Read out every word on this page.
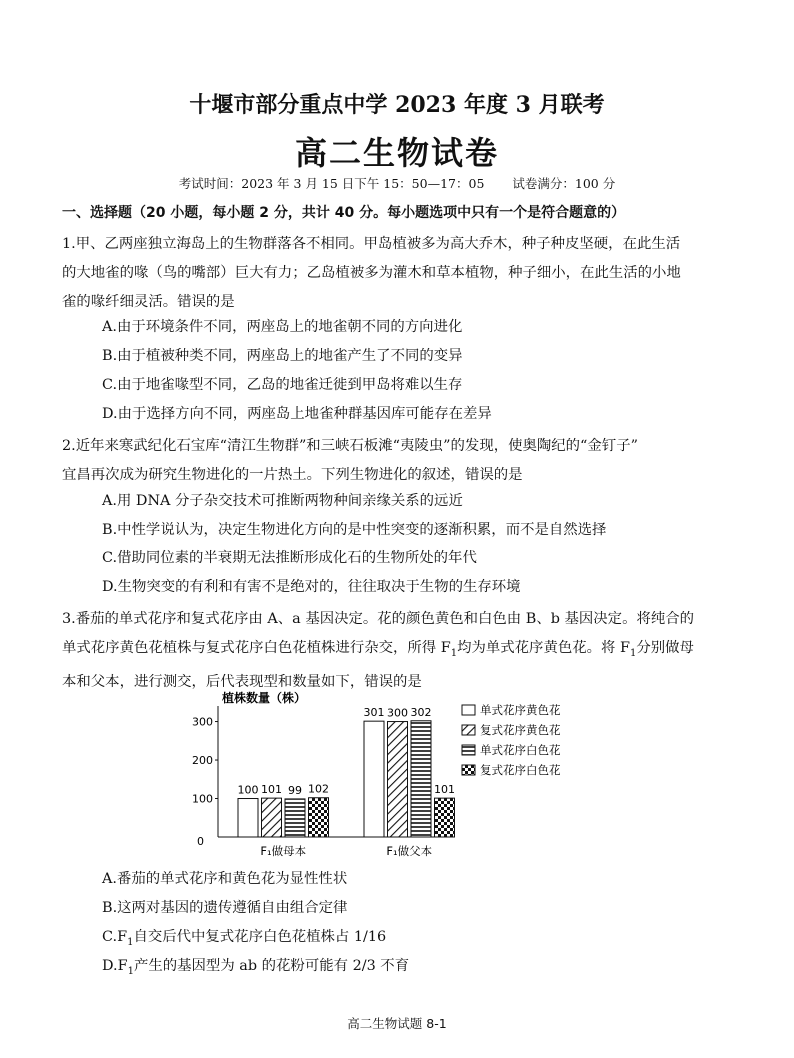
十堰市部分重点中学 2023 年度 3 月联考
高二生物试卷
考试时间：2023 年 3 月 15 日下午 15：50—17：05 试卷满分：100 分
一、选择题（20 小题，每小题 2 分，共计 40 分。每小题选项中只有一个是符合题意的）
1.甲、乙两座独立海岛上的生物群落各不相同。甲岛植被多为高大乔木，种子种皮坚硬，在此生活
的大地雀的喙（鸟的嘴部）巨大有力；乙岛植被多为灌木和草本植物，种子细小，在此生活的小地
雀的喙纤细灵活。错误的是
A.由于环境条件不同，两座岛上的地雀朝不同的方向进化
B.由于植被种类不同，两座岛上的地雀产生了不同的变异
C.由于地雀喙型不同，乙岛的地雀迁徙到甲岛将难以生存
D.由于选择方向不同，两座岛上地雀种群基因库可能存在差异
2.近年来寒武纪化石宝库“清江生物群”和三峡石板滩“夷陵虫”的发现，使奥陶纪的“金钉子”
宜昌再次成为研究生物进化的一片热土。下列生物进化的叙述，错误的是
A.用 DNA 分子杂交技术可推断两物种间亲缘关系的远近
B.中性学说认为，决定生物进化方向的是中性突变的逐渐积累，而不是自然选择
C.借助同位素的半衰期无法推断形成化石的生物所处的年代
D.生物突变的有利和有害不是绝对的，往往取决于生物的生存环境
3.番茄的单式花序和复式花序由 A、a 基因决定。花的颜色黄色和白色由 B、b 基因决定。将纯合的
单式花序黄色花植株与复式花序白色花植株进行杂交，所得 $F_1$均为单式花序黄色花。将 $F_1$分别做母
本和父本，进行测交，后代表现型和数量如下，错误的是
植株数量（株）
0
100
200
300
100 101 99 102
F₁做母本
301 300 302
101
F₁做父本
单式花序黄色花
复式花序黄色花
单式花序白色花
复式花序白色花
A.番茄的单式花序和黄色花为显性性状
B.这两对基因的遗传遵循自由组合定律
$C.F_1$自交后代中复式花序白色花植株占 1/16
$D.F_1$产生的基因型为 ab 的花粉可能有 2/3 不育
高二生物试题 8-1
